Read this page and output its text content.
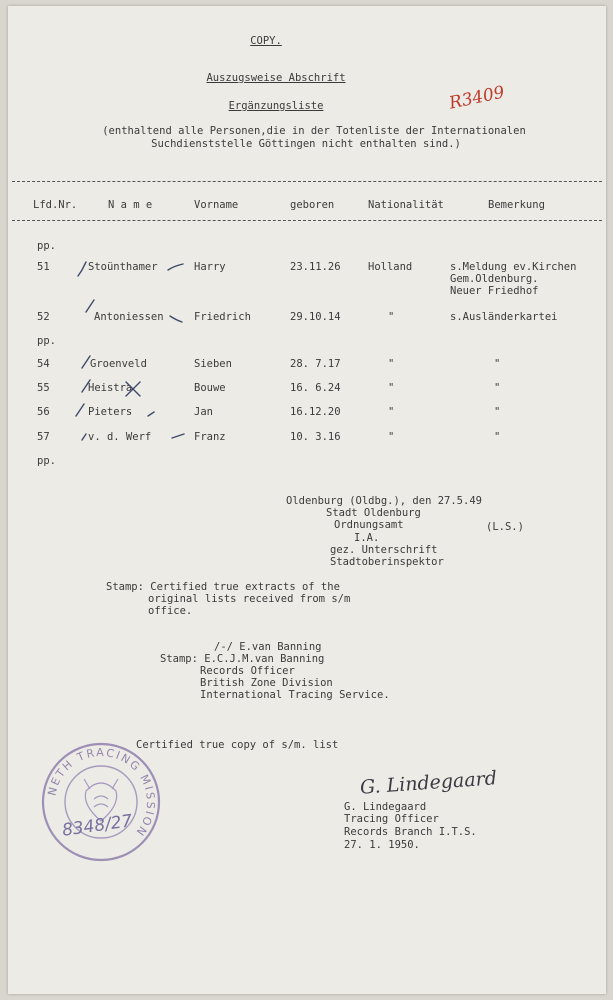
COPY.
Auszugsweise Abschrift
Ergänzungsliste
(enthaltend alle Personen,die in der Totenliste der Internationalen
Suchdienststelle Göttingen nicht enthalten sind.)
R3409
Lfd.Nr.	N a m e	Vorname	geboren	Nationalität	Bemerkung
pp.
51	Stoünthamer	Harry	23.11.26	Holland	s.Meldung ev.Kirchen
Gem.Oldenburg.
Neuer Friedhof
52	Antoniessen	Friedrich	29.10.14	"	s.Ausländerkartei
pp.
54	Groenveld	Sieben	28. 7.17	"	"
55	Heistra	Bouwe	16. 6.24	"	"
56	Pieters	Jan	16.12.20	"	"
57	v. d. Werf	Franz	10. 3.16	"	"
pp.
Oldenburg (Oldbg.), den 27.5.49
Stadt Oldenburg
Ordnungsamt	(L.S.)
I.A.
gez. Unterschrift
Stadtoberinspektor
Stamp: Certified true extracts of the
original lists received from s/m
office.
/-/ E.van Banning
Stamp: E.C.J.M.van Banning
Records Officer
British Zone Division
International Tracing Service.
Certified true copy of s/m. list
NETH TRACING MISSION
8348/27
G. Lindegaard
G. Lindegaard
Tracing Officer
Records Branch I.T.S.
27. 1. 1950.
